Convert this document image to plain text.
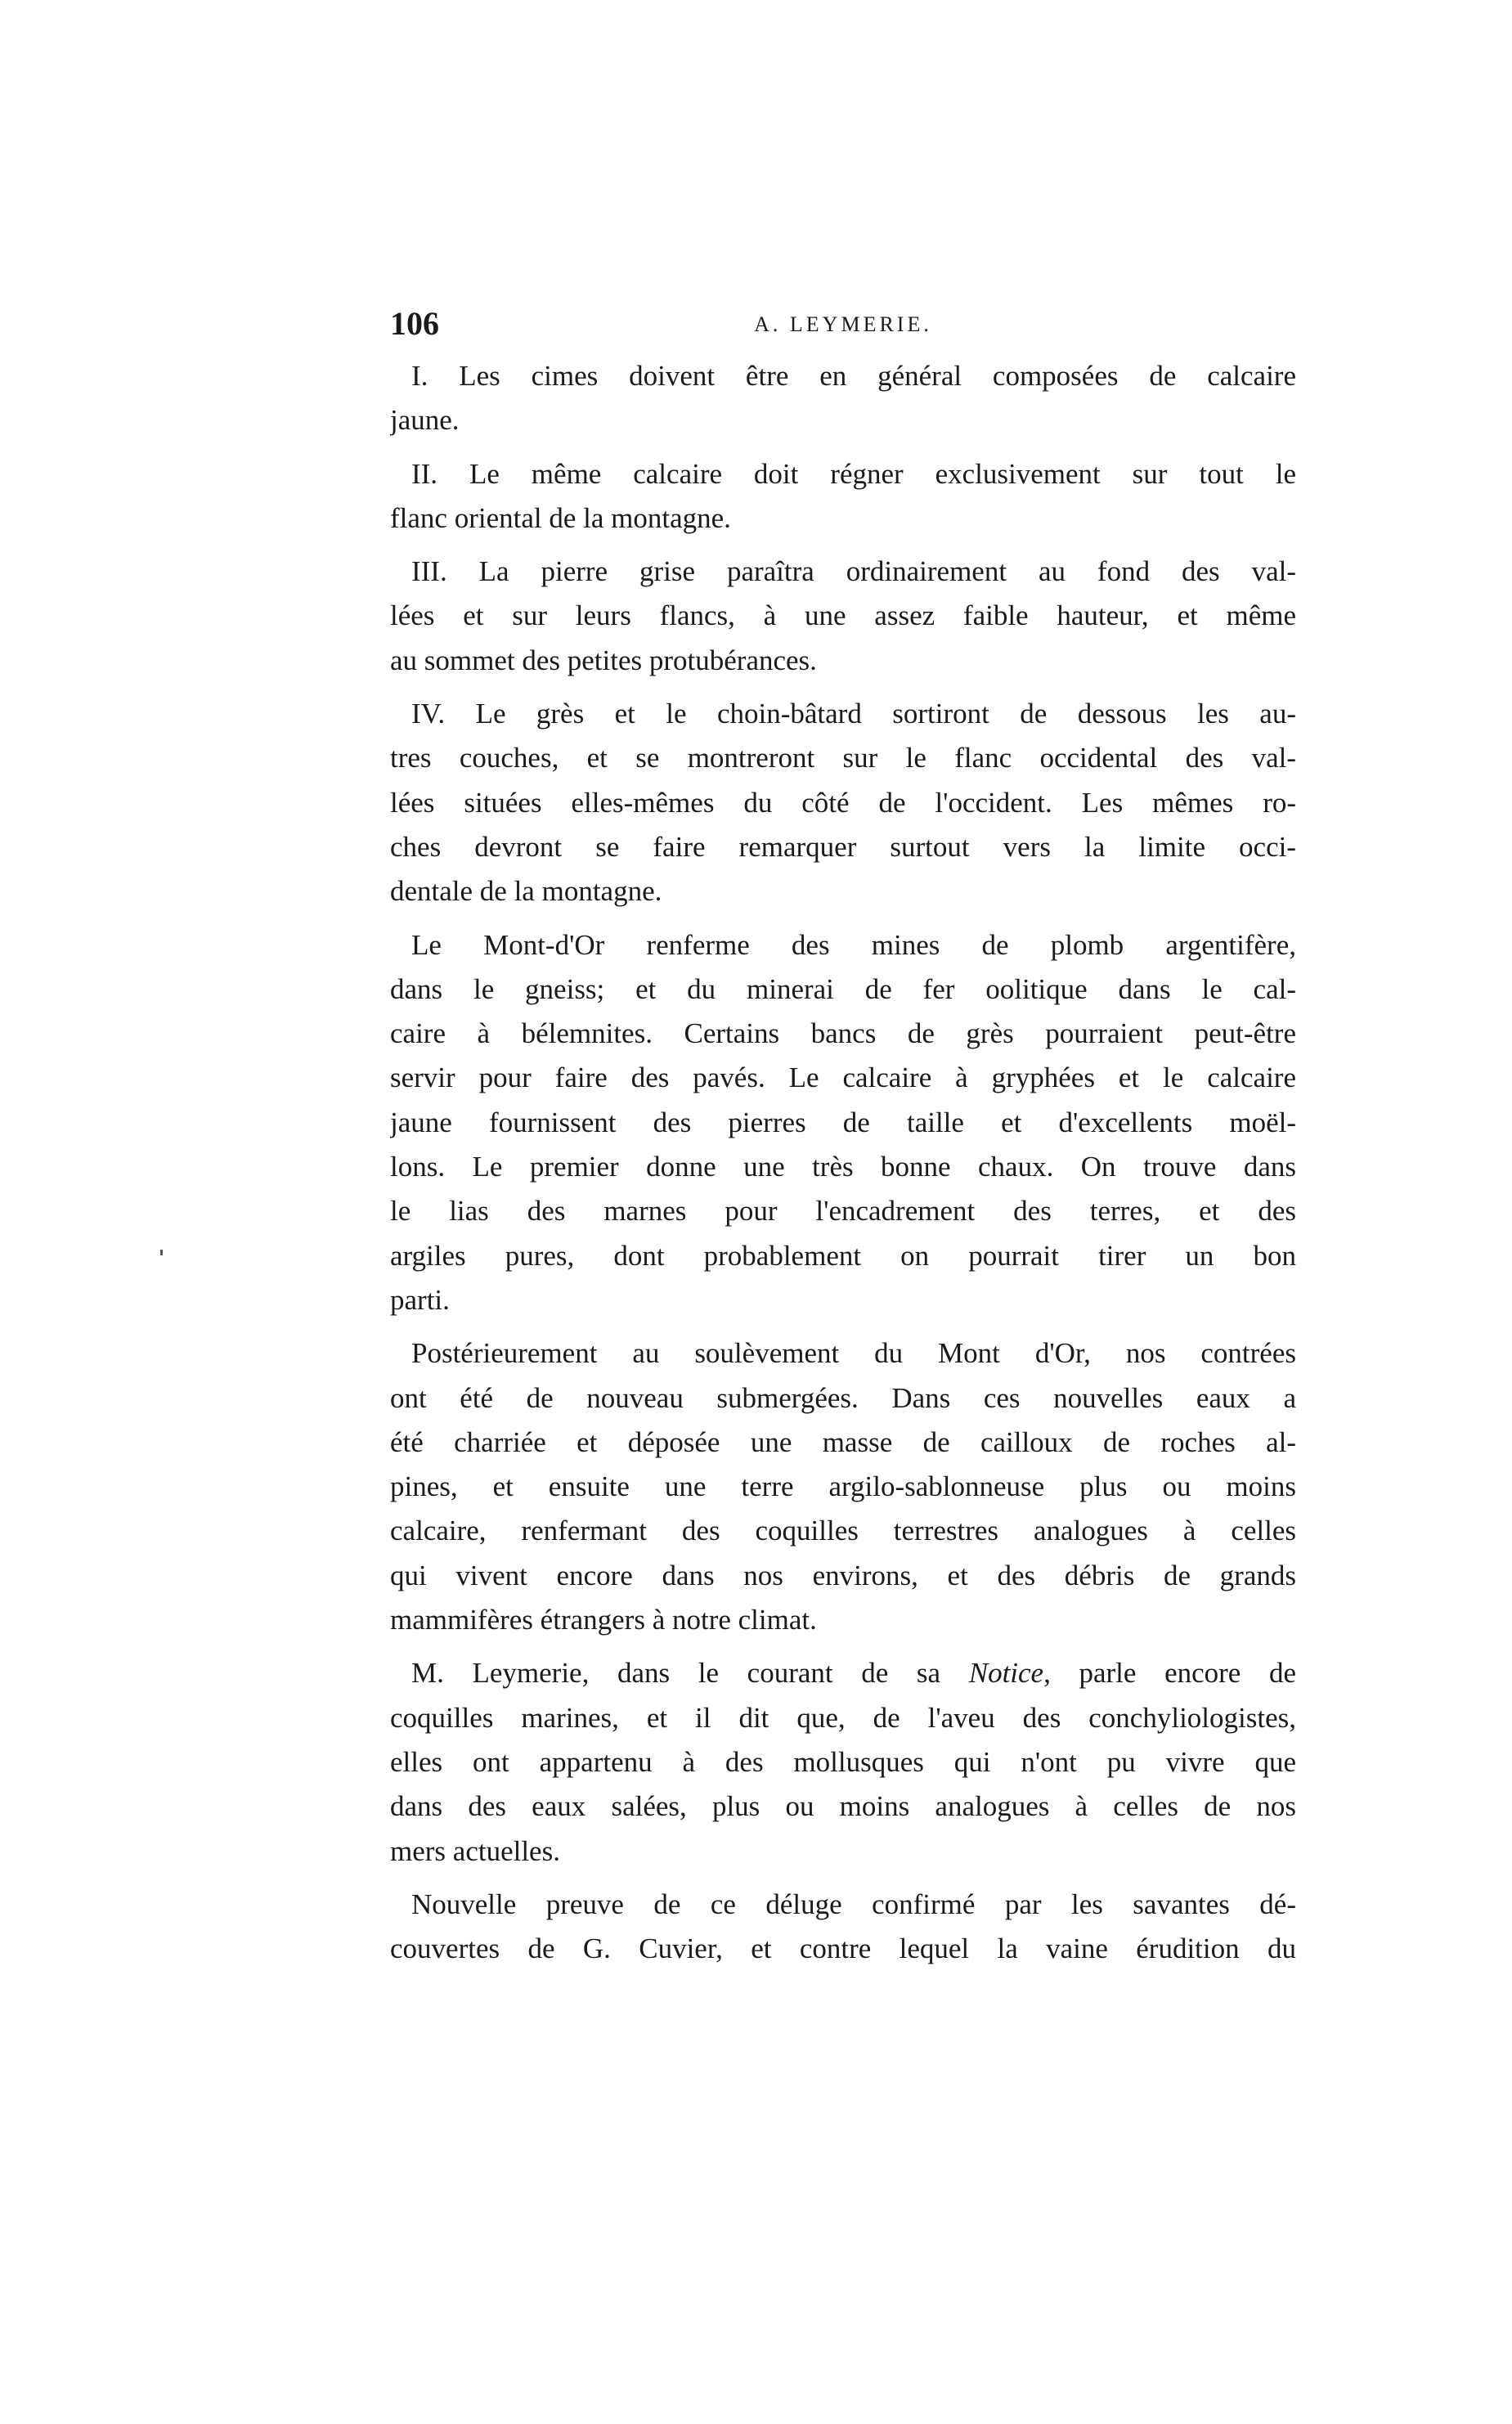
106	A. LEYMERIE.
I. Les cimes doivent être en général composées de calcaire
jaune.
II. Le même calcaire doit régner exclusivement sur tout le
flanc oriental de la montagne.
III. La pierre grise paraîtra ordinairement au fond des val-
lées et sur leurs flancs, à une assez faible hauteur, et même
au sommet des petites protubérances.
IV. Le grès et le choin-bâtard sortiront de dessous les au-
tres couches, et se montreront sur le flanc occidental des val-
lées situées elles-mêmes du côté de l'occident. Les mêmes ro-
ches devront se faire remarquer surtout vers la limite occi-
dentale de la montagne.
Le Mont-d'Or renferme des mines de plomb argentifère,
dans le gneiss; et du minerai de fer oolitique dans le cal-
caire à bélemnites. Certains bancs de grès pourraient peut-être
servir pour faire des pavés. Le calcaire à gryphées et le calcaire
jaune fournissent des pierres de taille et d'excellents moël-
lons. Le premier donne une très bonne chaux. On trouve dans
le lias des marnes pour l'encadrement des terres, et des
argiles pures, dont probablement on pourrait tirer un bon
parti.
Postérieurement au soulèvement du Mont d'Or, nos contrées
ont été de nouveau submergées. Dans ces nouvelles eaux a
été charriée et déposée une masse de cailloux de roches al-
pines, et ensuite une terre argilo-sablonneuse plus ou moins
calcaire, renfermant des coquilles terrestres analogues à celles
qui vivent encore dans nos environs, et des débris de grands
mammifères étrangers à notre climat.
M. Leymerie, dans le courant de sa Notice, parle encore de
coquilles marines, et il dit que, de l'aveu des conchyliologistes,
elles ont appartenu à des mollusques qui n'ont pu vivre que
dans des eaux salées, plus ou moins analogues à celles de nos
mers actuelles.
Nouvelle preuve de ce déluge confirmé par les savantes dé-
couvertes de G. Cuvier, et contre lequel la vaine érudition du
